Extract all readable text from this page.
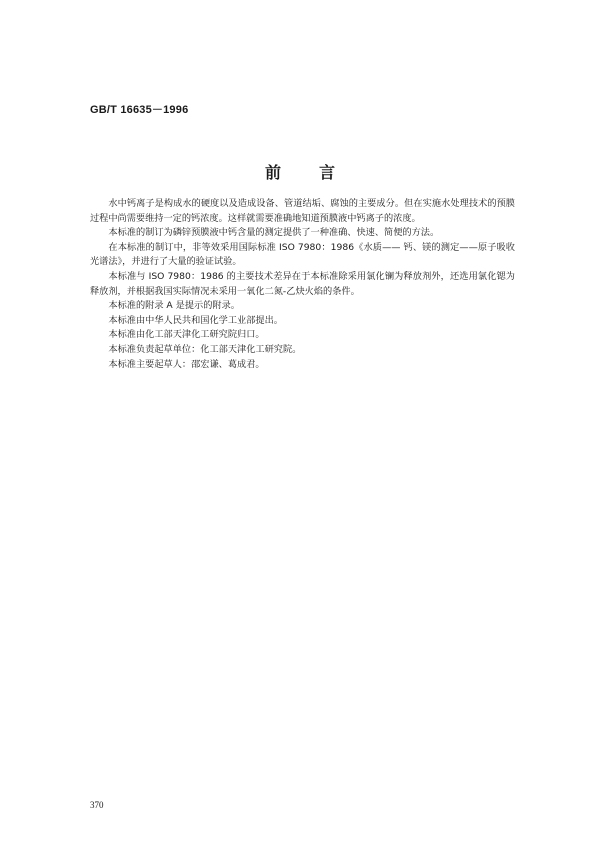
GB/T 16635－1996
前言

水中钙离子是构成水的硬度以及造成设备、管道结垢、腐蚀的主要成分。但在实施水处理技术的预膜过程中尚需要维持一定的钙浓度。这样就需要准确地知道预膜液中钙离子的浓度。

本标准的制订为磷锌预膜液中钙含量的测定提供了一种准确、快速、简便的方法。

在本标准的制订中，非等效采用国际标准 ISO 7980：1986《水质—— 钙、镁的测定——原子吸收光谱法》，并进行了大量的验证试验。

本标准与 ISO 7980：1986 的主要技术差异在于本标准除采用氯化镧为释放剂外，还选用氯化锶为释放剂，并根据我国实际情况未采用一氧化二氮-乙炔火焰的条件。

本标准的附录 A 是提示的附录。

本标准由中华人民共和国化学工业部提出。

本标准由化工部天津化工研究院归口。

本标准负责起草单位：化工部天津化工研究院。

本标准主要起草人：邵宏谦、葛成君。

370
